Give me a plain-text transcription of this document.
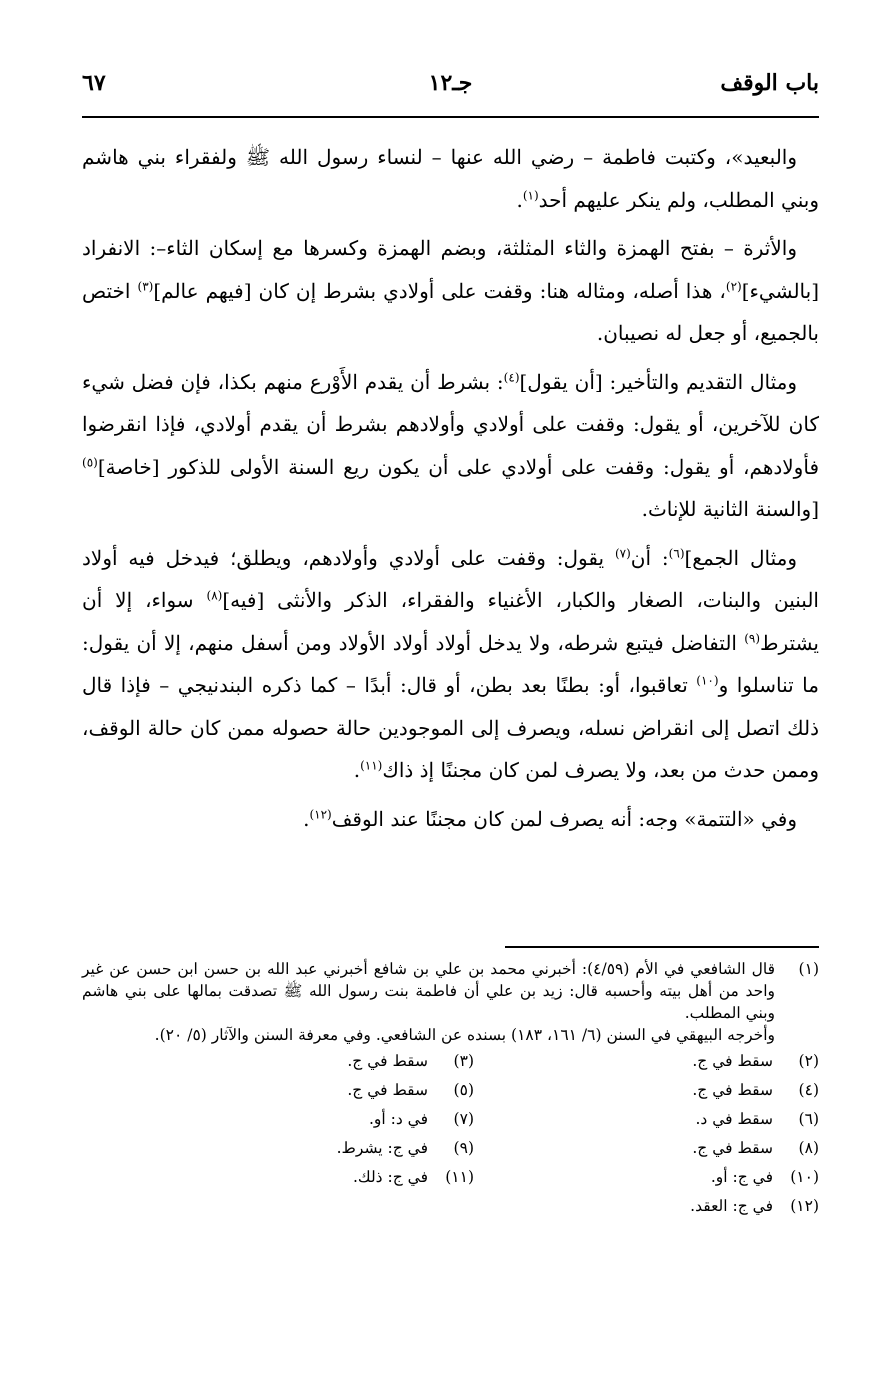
باب الوقف
جـ١٢
٦٧

والبعيد»، وكتبت فاطمة – رضي الله عنها – لنساء رسول الله ﷺ ولفقراء بني هاشم وبني المطلب، ولم ينكر عليهم أحد$^{(١)}$.

والأثرة – بفتح الهمزة والثاء المثلثة، وبضم الهمزة وكسرها مع إسكان الثاء–: الانفراد [بالشيء]$^{(٢)}$، هذا أصله، ومثاله هنا: وقفت على أولادي بشرط إن كان [فيهم عالم]$^{(٣)}$ اختص بالجميع، أو جعل له نصيبان.

ومثال التقديم والتأخير: [أن يقول]$^{(٤)}$: بشرط أن يقدم الأَوْرع منهم بكذا، فإن فضل شيء كان للآخرين، أو يقول: وقفت على أولادي وأولادهم بشرط أن يقدم أولادي، فإذا انقرضوا فأولادهم، أو يقول: وقفت على أولادي على أن يكون ريع السنة الأولى للذكور [خاصة]$^{(٥)}$ [والسنة الثانية للإناث.

ومثال الجمع]$^{(٦)}$: أن$^{(٧)}$ يقول: وقفت على أولادي وأولادهم، ويطلق؛ فيدخل فيه أولاد البنين والبنات، الصغار والكبار، الأغنياء والفقراء، الذكر والأنثى [فيه]$^{(٨)}$ سواء، إلا أن يشترط$^{(٩)}$ التفاضل فيتبع شرطه، ولا يدخل أولاد أولاد الأولاد ومن أسفل منهم، إلا أن يقول: ما تناسلوا و$^{(١٠)}$ تعاقبوا، أو: بطنًا بعد بطن، أو قال: أبدًا – كما ذكره البندنيجي – فإذا قال ذلك اتصل إلى انقراض نسله، ويصرف إلى الموجودين حالة حصوله ممن كان حالة الوقف، وممن حدث من بعد، ولا يصرف لمن كان مجننًا إذ ذاك$^{(١١)}$.

وفي «التتمة» وجه: أنه يصرف لمن كان مجننًا عند الوقف$^{(١٢)}$.

(١)
قال الشافعي في الأم (٤/٥٩): أخبرني محمد بن علي بن شافع أخبرني عبد الله بن حسن ابن حسن عن غير واحد من أهل بيته وأحسبه قال: زيد بن علي أن فاطمة بنت رسول الله ﷺ تصدقت بمالها على بني هاشم وبني المطلب.
وأخرجه البيهقي في السنن (٦/ ١٦١، ١٨٣) بسنده عن الشافعي. وفي معرفة السنن والآثار (٥/ ٢٠).
(٢)
سقط في ج.
(٣)
سقط في ج.
(٤)
سقط في ج.
(٥)
سقط في ج.
(٦)
سقط في د.
(٧)
في د: أو.
(٨)
سقط في ج.
(٩)
في ج: يشرط.
(١٠)
في ج: أو.
(١١)
في ج: ذلك.
(١٢)
في ج: العقد.
